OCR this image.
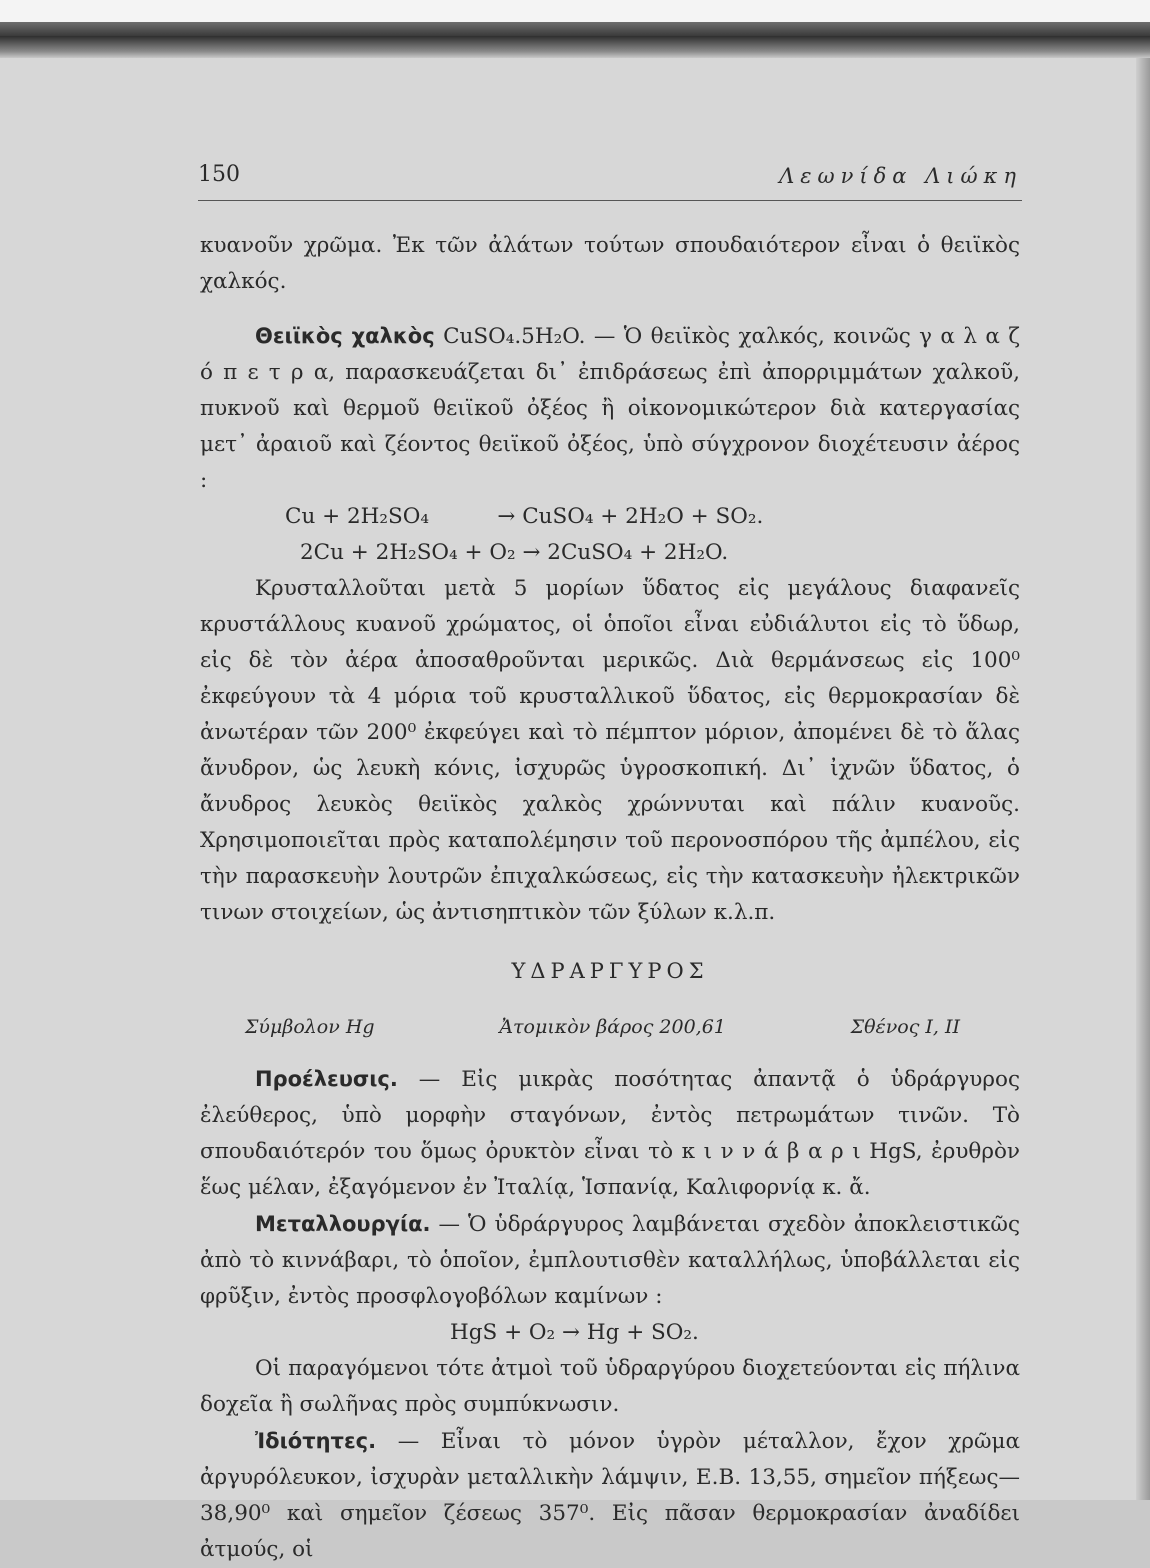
150	Λεωνίδα Λιώκη

κυανοῦν χρῶμα. Ἐκ τῶν ἀλάτων τούτων σπουδαιότερον εἶναι ὁ θειϊκὸς χαλκός.

Θειϊκὸς χαλκὸς CuSO₄.5H₂O. — Ὁ θειϊκὸς χαλκός, κοινῶς γ α λ α ζ ό π ε τ ρ α, παρασκευάζεται δι᾽ ἐπιδράσεως ἐπὶ ἀπορριμμάτων χαλκοῦ, πυκνοῦ καὶ θερμοῦ θειϊκοῦ ὀξέος ἢ οἰκονομικώτερον διὰ κατεργασίας μετ᾽ ἀραιοῦ καὶ ζέοντος θειϊκοῦ ὀξέος, ὑπὸ σύγχρονον διοχέτευσιν ἀέρος :

Cu + 2H₂SO₄          → CuSO₄ + 2H₂O + SO₂.

2Cu + 2H₂SO₄ + O₂ → 2CuSO₄ + 2H₂O.

Κρυσταλλοῦται μετὰ 5 μορίων ὕδατος εἰς μεγάλους διαφανεῖς κρυστάλλους κυανοῦ χρώματος, οἱ ὁποῖοι εἶναι εὐδιάλυτοι εἰς τὸ ὕδωρ, εἰς δὲ τὸν ἀέρα ἀποσαθροῦνται μερικῶς. Διὰ θερμάνσεως εἰς 100⁰ ἐκφεύγουν τὰ 4 μόρια τοῦ κρυσταλλικοῦ ὕδατος, εἰς θερμοκρασίαν δὲ ἀνωτέραν τῶν 200⁰ ἐκφεύγει καὶ τὸ πέμπτον μόριον, ἀπομένει δὲ τὸ ἅλας ἄνυδρον, ὡς λευκὴ κόνις, ἰσχυρῶς ὑγροσκοπική. Δι᾽ ἰχνῶν ὕδατος, ὁ ἄνυδρος λευκὸς θειϊκὸς χαλκὸς χρώννυται καὶ πάλιν κυανοῦς. Χρησιμοποιεῖται πρὸς καταπολέμησιν τοῦ περονοσπόρου τῆς ἀμπέλου, εἰς τὴν παρασκευὴν λουτρῶν ἐπιχαλκώσεως, εἰς τὴν κατασκευὴν ἠλεκτρικῶν τινων στοιχείων, ὡς ἀντισηπτικὸν τῶν ξύλων κ.λ.π.

ΥΔΡΑΡΓΥΡΟΣ
Σύμβολον Hg	Ἀτομικὸν βάρος 200,61	Σθένος I, II

Προέλευσις. — Εἰς μικρὰς ποσότητας ἀπαντᾷ ὁ ὑδράργυρος ἐλεύθερος, ὑπὸ μορφὴν σταγόνων, ἐντὸς πετρωμάτων τινῶν. Τὸ σπουδαιότερόν του ὅμως ὀρυκτὸν εἶναι τὸ κ ι ν ν ά β α ρ ι HgS, ἐρυθρὸν ἕως μέλαν, ἐξαγόμενον ἐν Ἰταλίᾳ, Ἱσπανίᾳ, Καλιφορνίᾳ κ. ἄ.

Μεταλλουργία. — Ὁ ὑδράργυρος λαμβάνεται σχεδὸν ἀποκλειστικῶς ἀπὸ τὸ κιννάβαρι, τὸ ὁποῖον, ἐμπλουτισθὲν καταλλήλως, ὑποβάλλεται εἰς φρῦξιν, ἐντὸς προσφλογοβόλων καμίνων :

HgS + O₂ → Hg + SO₂.

Οἱ παραγόμενοι τότε ἀτμοὶ τοῦ ὑδραργύρου διοχετεύονται εἰς πήλινα δοχεῖα ἢ σωλῆνας πρὸς συμπύκνωσιν.

Ἰδιότητες. — Εἶναι τὸ μόνον ὑγρὸν μέταλλον, ἔχον χρῶμα ἀργυρόλευκον, ἰσχυρὰν μεταλλικὴν λάμψιν, Ε.Β. 13,55, σημεῖον πήξεως—38,90⁰ καὶ σημεῖον ζέσεως 357⁰. Εἰς πᾶσαν θερμοκρασίαν ἀναδίδει ἀτμούς, οἱ
